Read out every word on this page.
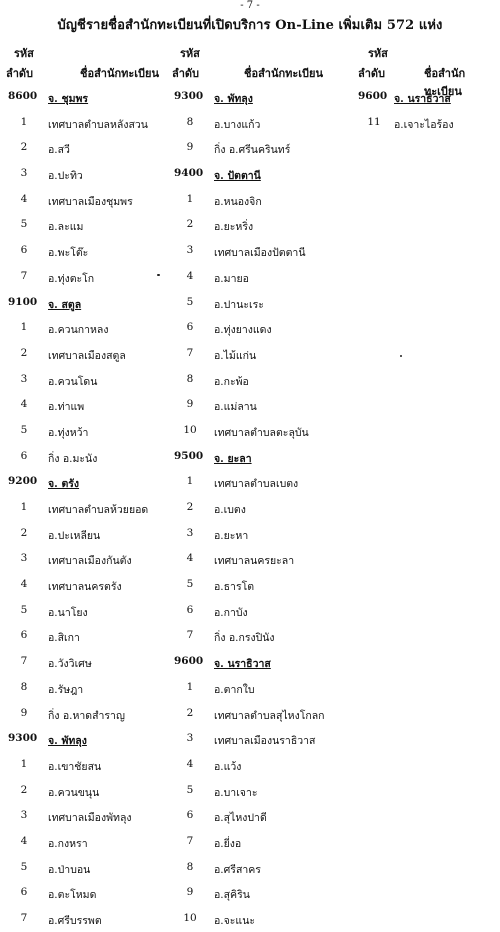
- 7 -
บัญชีรายชื่อสำนักทะเบียนที่เปิดบริการ On-Line เพิ่มเติม 572 แห่ง
รหัส
ลำดับ	ชื่อสำนักทะเบียน
8600	จ. ชุมพร
1	เทศบาลตำบลหลังสวน
2	อ.สวี
3	อ.ปะทิว
4	เทศบาลเมืองชุมพร
5	อ.ละแม
6	อ.พะโต๊ะ
7	อ.ทุ่งตะโก
9100	จ. สตูล
1	อ.ควนกาหลง
2	เทศบาลเมืองสตูล
3	อ.ควนโดน
4	อ.ท่าแพ
5	อ.ทุ่งหว้า
6	กิ่ง อ.มะนัง
9200	จ. ตรัง
1	เทศบาลตำบลห้วยยอด
2	อ.ปะเหลียน
3	เทศบาลเมืองกันตัง
4	เทศบาลนครตรัง
5	อ.นาโยง
6	อ.สิเกา
7	อ.วังวิเศษ
8	อ.รัษฎา
9	กิ่ง อ.หาดสำราญ
9300	จ. พัทลุง
1	อ.เขาชัยสน
2	อ.ควนขนุน
3	เทศบาลเมืองพัทลุง
4	อ.กงหรา
5	อ.ป่าบอน
6	อ.ตะโหมด
7	อ.ศรีบรรพต
รหัส
ลำดับ	ชื่อสำนักทะเบียน
9300	จ. พัทลุง
8	อ.บางแก้ว
9	กิ่ง อ.ศรีนครินทร์
9400	จ. ปัตตานี
1	อ.หนองจิก
2	อ.ยะหริ่ง
3	เทศบาลเมืองปัตตานี
4	อ.มายอ
5	อ.ปานะเระ
6	อ.ทุ่งยางแดง
7	อ.ไม้แก่น
8	อ.กะพ้อ
9	อ.แม่ลาน
10	เทศบาลตำบลตะลุบัน
9500	จ. ยะลา
1	เทศบาลตำบลเบตง
2	อ.เบตง
3	อ.ยะหา
4	เทศบาลนครยะลา
5	อ.ธารโต
6	อ.กาบัง
7	กิ่ง อ.กรงปินัง
9600	จ. นราธิวาส
1	อ.ตากใบ
2	เทศบาลตำบลสุไหงโกลก
3	เทศบาลเมืองนราธิวาส
4	อ.แว้ง
5	อ.บาเจาะ
6	อ.สุไหงปาดี
7	อ.ยี่งอ
8	อ.ศรีสาคร
9	อ.สุคิริน
10	อ.จะแนะ
รหัส
ลำดับ	ชื่อสำนักทะเบียน
9600 จ. นราธิวาส
11	อ.เจาะไอร้อง
